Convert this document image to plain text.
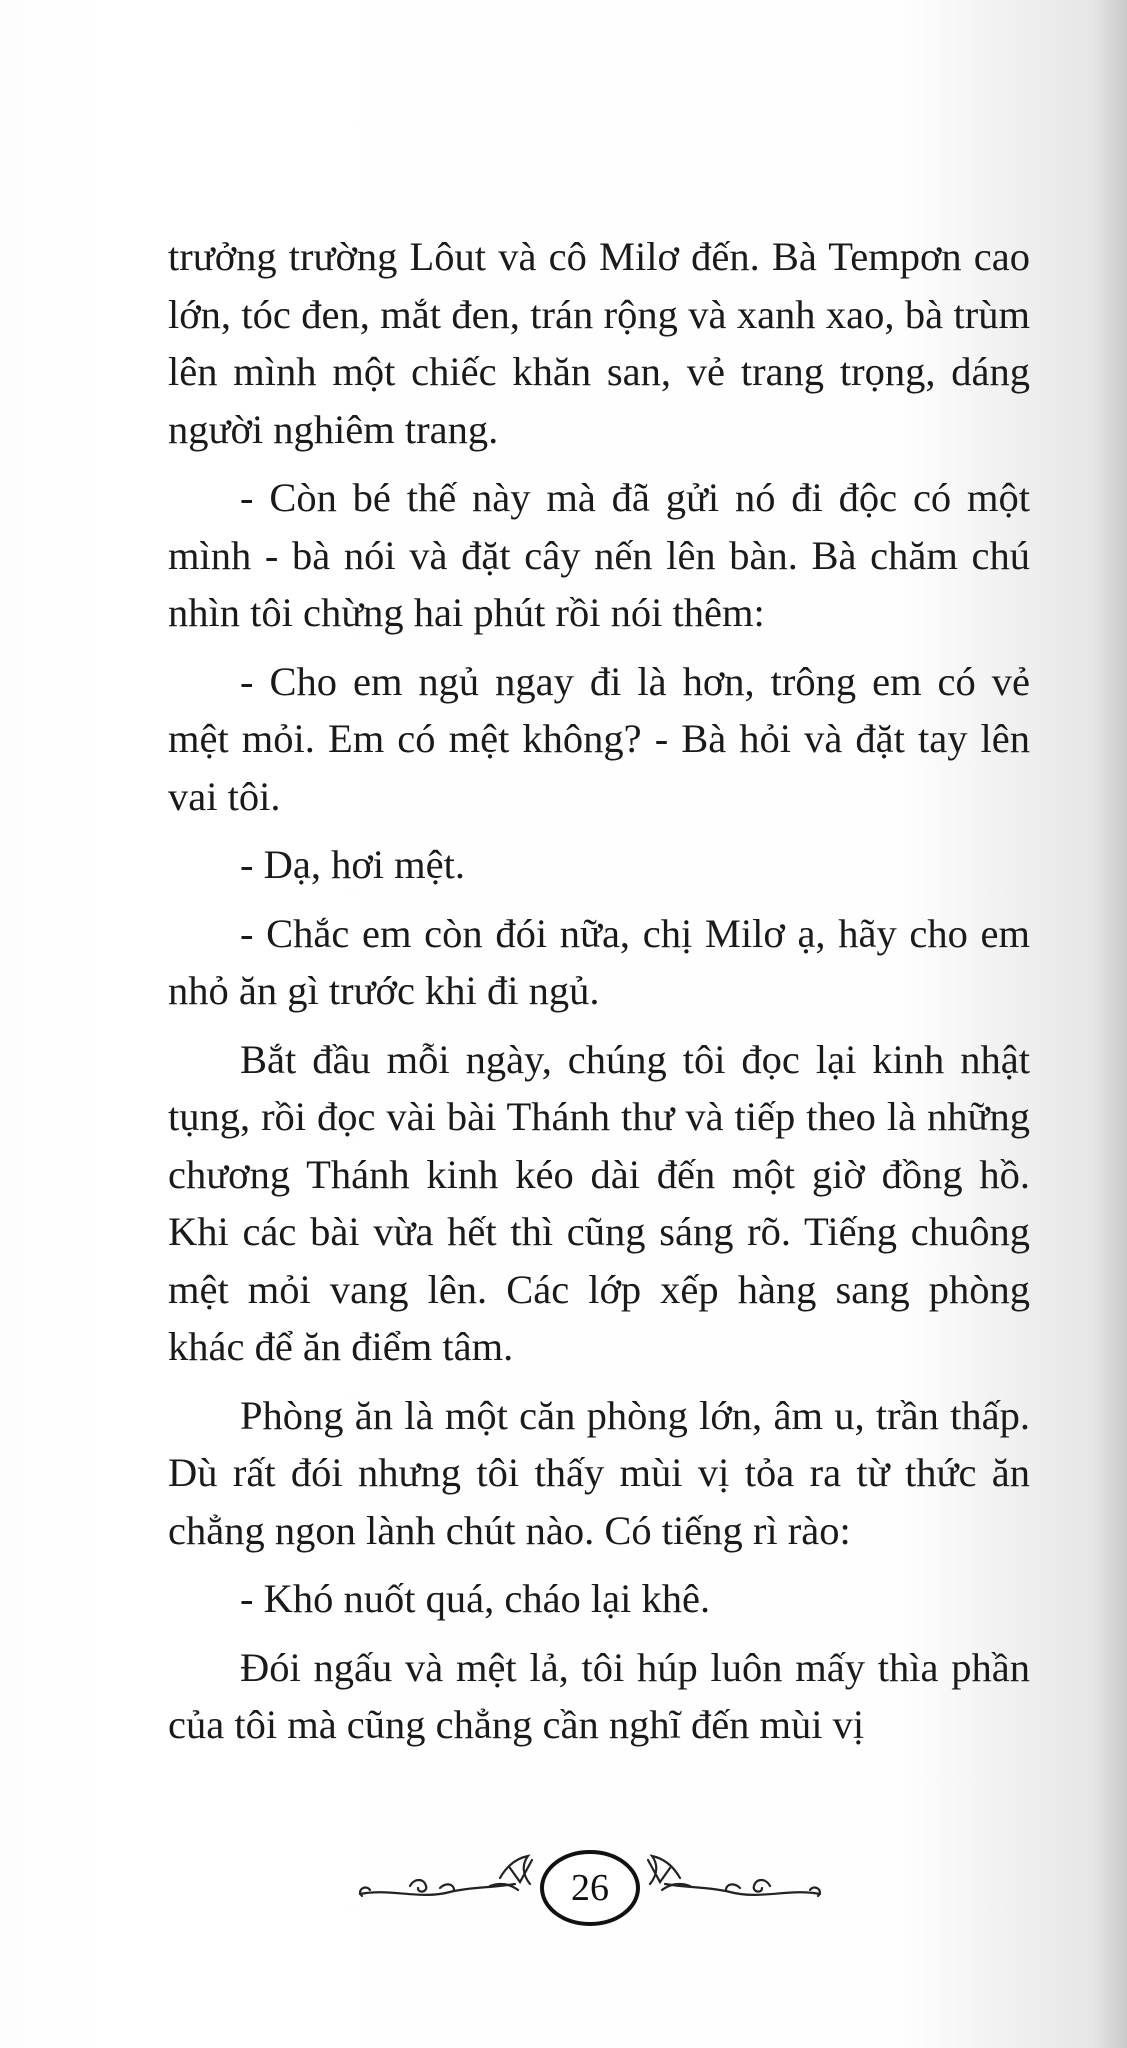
trưởng trường Lôut và cô Milơ đến. Bà Tempơn cao lớn, tóc đen, mắt đen, trán rộng và xanh xao, bà trùm lên mình một chiếc khăn san, vẻ trang trọng, dáng người nghiêm trang.

- Còn bé thế này mà đã gửi nó đi độc có một mình - bà nói và đặt cây nến lên bàn. Bà chăm chú nhìn tôi chừng hai phút rồi nói thêm:

- Cho em ngủ ngay đi là hơn, trông em có vẻ mệt mỏi. Em có mệt không? - Bà hỏi và đặt tay lên vai tôi.

- Dạ, hơi mệt.

- Chắc em còn đói nữa, chị Milơ ạ, hãy cho em nhỏ ăn gì trước khi đi ngủ.

Bắt đầu mỗi ngày, chúng tôi đọc lại kinh nhật tụng, rồi đọc vài bài Thánh thư và tiếp theo là những chương Thánh kinh kéo dài đến một giờ đồng hồ. Khi các bài vừa hết thì cũng sáng rõ. Tiếng chuông mệt mỏi vang lên. Các lớp xếp hàng sang phòng khác để ăn điểm tâm.

Phòng ăn là một căn phòng lớn, âm u, trần thấp. Dù rất đói nhưng tôi thấy mùi vị tỏa ra từ thức ăn chẳng ngon lành chút nào. Có tiếng rì rào:

- Khó nuốt quá, cháo lại khê.

Đói ngấu và mệt lả, tôi húp luôn mấy thìa phần của tôi mà cũng chẳng cần nghĩ đến mùi vị

26
